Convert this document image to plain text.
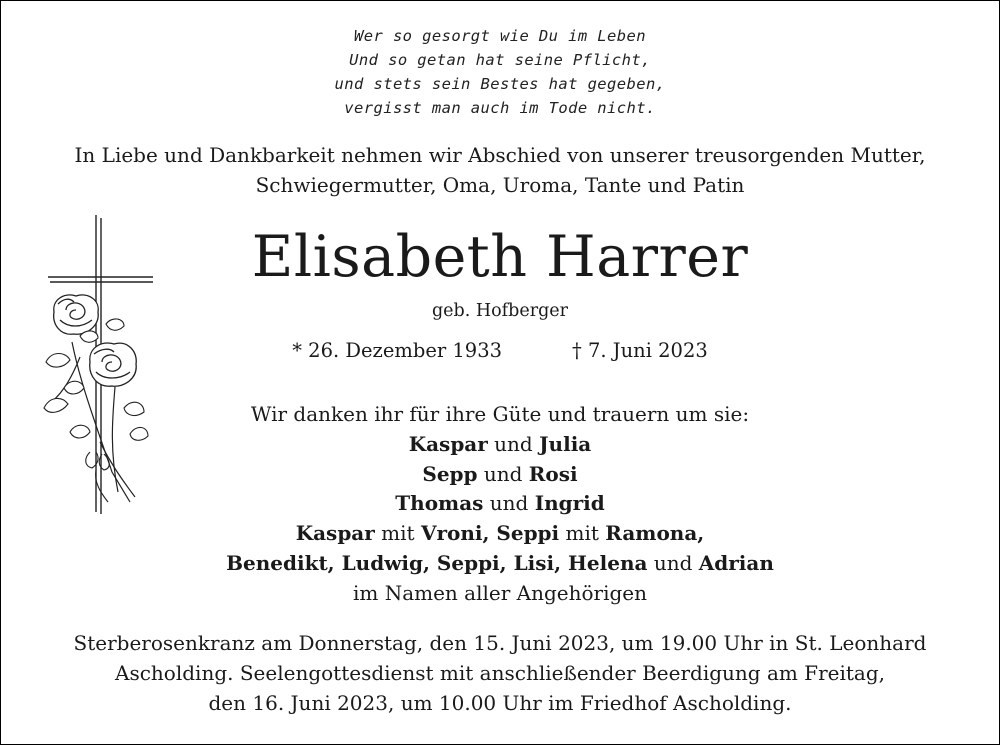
Wer so gesorgt wie Du im Leben
Und so getan hat seine Pflicht,
und stets sein Bestes hat gegeben,
vergisst man auch im Tode nicht.
In Liebe und Dankbarkeit nehmen wir Abschied von unserer treusorgenden Mutter,
Schwiegermutter, Oma, Uroma, Tante und Patin
Elisabeth Harrer
geb. Hofberger
* 26. Dezember 1933	† 7. Juni 2023
Wir danken ihr für ihre Güte und trauern um sie:
Kaspar und Julia
Sepp und Rosi
Thomas und Ingrid
Kaspar mit Vroni, Seppi mit Ramona,
Benedikt, Ludwig, Seppi, Lisi, Helena und Adrian
im Namen aller Angehörigen
Sterberosenkranz am Donnerstag, den 15. Juni 2023, um 19.00 Uhr in St. Leonhard
Ascholding. Seelengottesdienst mit anschließender Beerdigung am Freitag,
den 16. Juni 2023, um 10.00 Uhr im Friedhof Ascholding.
